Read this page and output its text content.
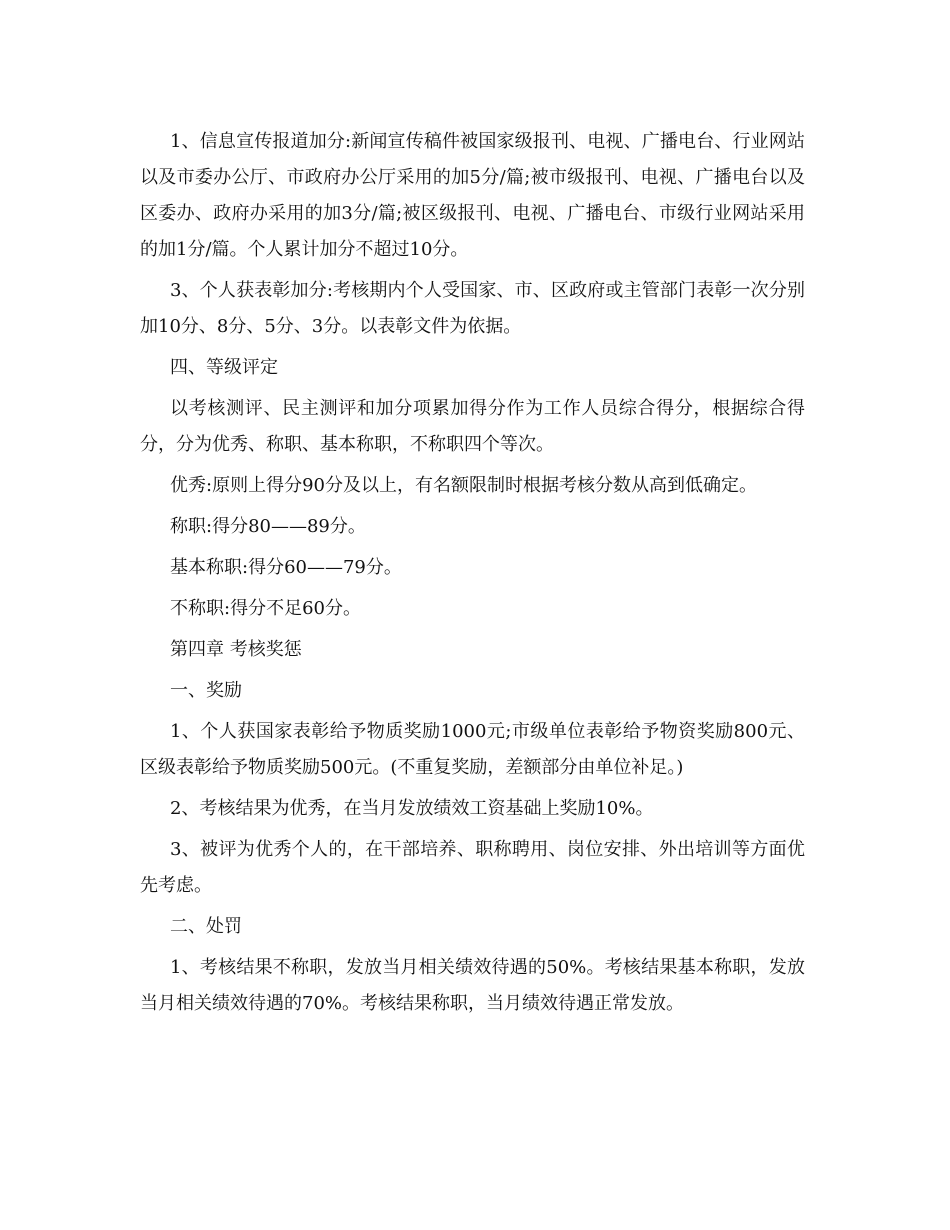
1、信息宣传报道加分:新闻宣传稿件被国家级报刊、电视、广播电台、行业网站以及市委办公厅、市政府办公厅采用的加5分/篇;被市级报刊、电视、广播电台以及区委办、政府办采用的加3分/篇;被区级报刊、电视、广播电台、市级行业网站采用的加1分/篇。个人累计加分不超过10分。

3、个人获表彰加分:考核期内个人受国家、市、区政府或主管部门表彰一次分别加10分、8分、5分、3分。以表彰文件为依据。

四、等级评定

以考核测评、民主测评和加分项累加得分作为工作人员综合得分，根据综合得分，分为优秀、称职、基本称职，不称职四个等次。

优秀:原则上得分90分及以上，有名额限制时根据考核分数从高到低确定。

称职:得分80——89分。

基本称职:得分60——79分。

不称职:得分不足60分。

第四章 考核奖惩

一、奖励

1、个人获国家表彰给予物质奖励1000元;市级单位表彰给予物资奖励800元、区级表彰给予物质奖励500元。(不重复奖励，差额部分由单位补足。)

2、考核结果为优秀，在当月发放绩效工资基础上奖励10%。

3、被评为优秀个人的，在干部培养、职称聘用、岗位安排、外出培训等方面优先考虑。

二、处罚

1、考核结果不称职，发放当月相关绩效待遇的50%。考核结果基本称职，发放当月相关绩效待遇的70%。考核结果称职，当月绩效待遇正常发放。
